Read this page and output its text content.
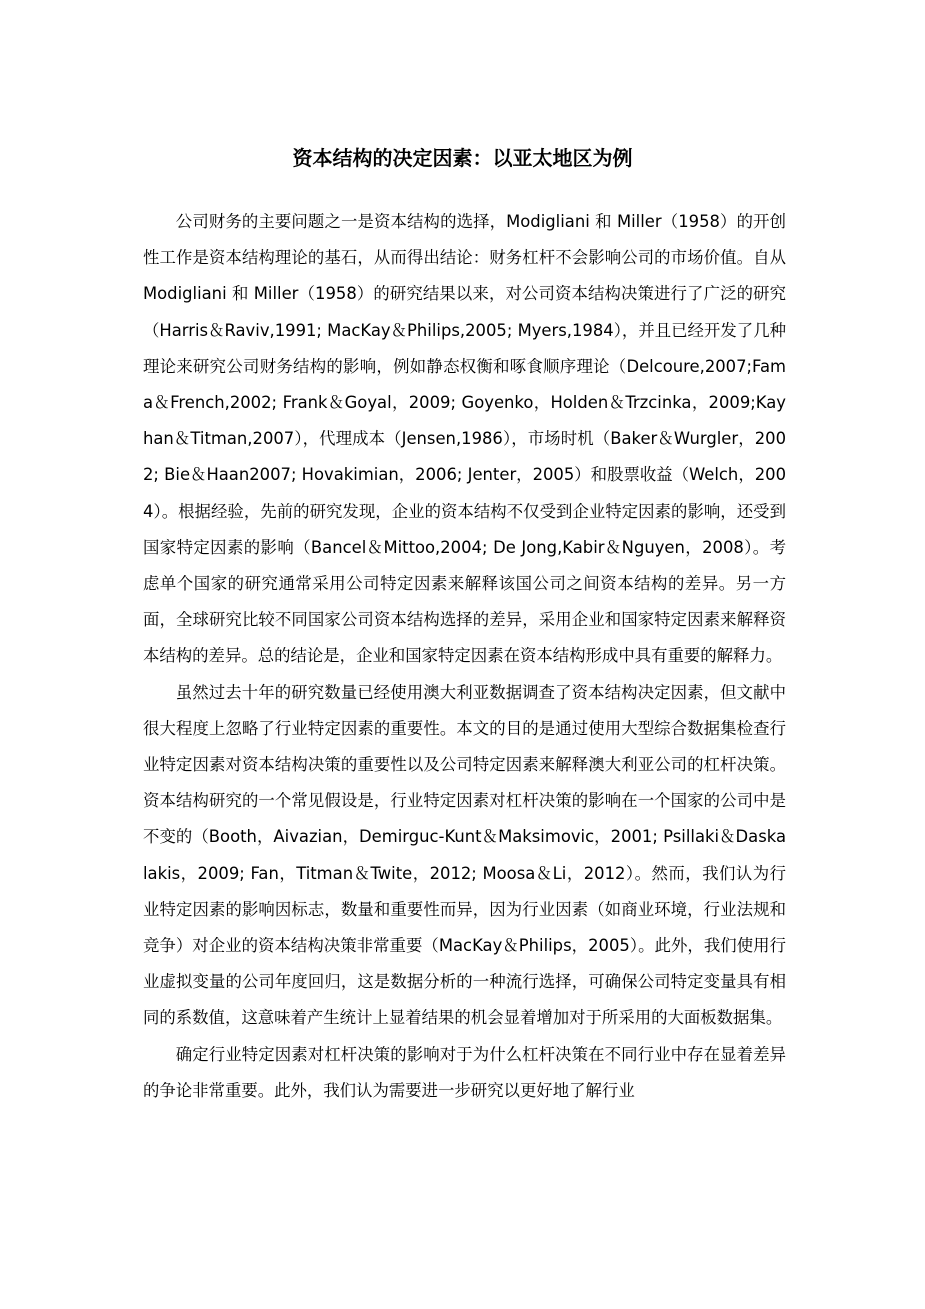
资本结构的决定因素：以亚太地区为例

公司财务的主要问题之一是资本结构的选择，Modigliani 和 Miller（1958）的开创性工作是资本结构理论的基石，从而得出结论：财务杠杆不会影响公司的市场价值。自从 Modigliani 和 Miller（1958）的研究结果以来，对公司资本结构决策进行了广泛的研究（Harris＆Raviv,1991; MacKay＆Philips,2005; Myers,1984），并且已经开发了几种理论来研究公司财务结构的影响，例如静态权衡和啄食顺序理论（Delcoure,2007;Fama＆French,2002; Frank＆Goyal，2009; Goyenko，Holden＆Trzcinka，2009;Kayhan＆Titman,2007），代理成本（Jensen,1986），市场时机（Baker＆Wurgler，2002; Bie＆Haan2007; Hovakimian，2006; Jenter，2005）和股票收益（Welch，2004）。根据经验，先前的研究发现，企业的资本结构不仅受到企业特定因素的影响，还受到国家特定因素的影响（Bancel＆Mittoo,2004; De Jong,Kabir＆Nguyen，2008）。考虑单个国家的研究通常采用公司特定因素来解释该国公司之间资本结构的差异。另一方面，全球研究比较不同国家公司资本结构选择的差异，采用企业和国家特定因素来解释资本结构的差异。总的结论是，企业和国家特定因素在资本结构形成中具有重要的解释力。

虽然过去十年的研究数量已经使用澳大利亚数据调查了资本结构决定因素，但文献中很大程度上忽略了行业特定因素的重要性。本文的目的是通过使用大型综合数据集检查行业特定因素对资本结构决策的重要性以及公司特定因素来解释澳大利亚公司的杠杆决策。资本结构研究的一个常见假设是，行业特定因素对杠杆决策的影响在一个国家的公司中是不变的（Booth，Aivazian，Demirguc-Kunt＆Maksimovic，2001; Psillaki＆Daskalakis，2009; Fan，Titman＆Twite，2012; Moosa＆Li，2012）。然而，我们认为行业特定因素的影响因标志，数量和重要性而异，因为行业因素（如商业环境，行业法规和竞争）对企业的资本结构决策非常重要（MacKay＆Philips，2005）。此外，我们使用行业虚拟变量的公司年度回归，这是数据分析的一种流行选择，可确保公司特定变量具有相同的系数值，这意味着产生统计上显着结果的机会显着增加对于所采用的大面板数据集。

确定行业特定因素对杠杆决策的影响对于为什么杠杆决策在不同行业中存在显着差异的争论非常重要。此外，我们认为需要进一步研究以更好地了解行业
